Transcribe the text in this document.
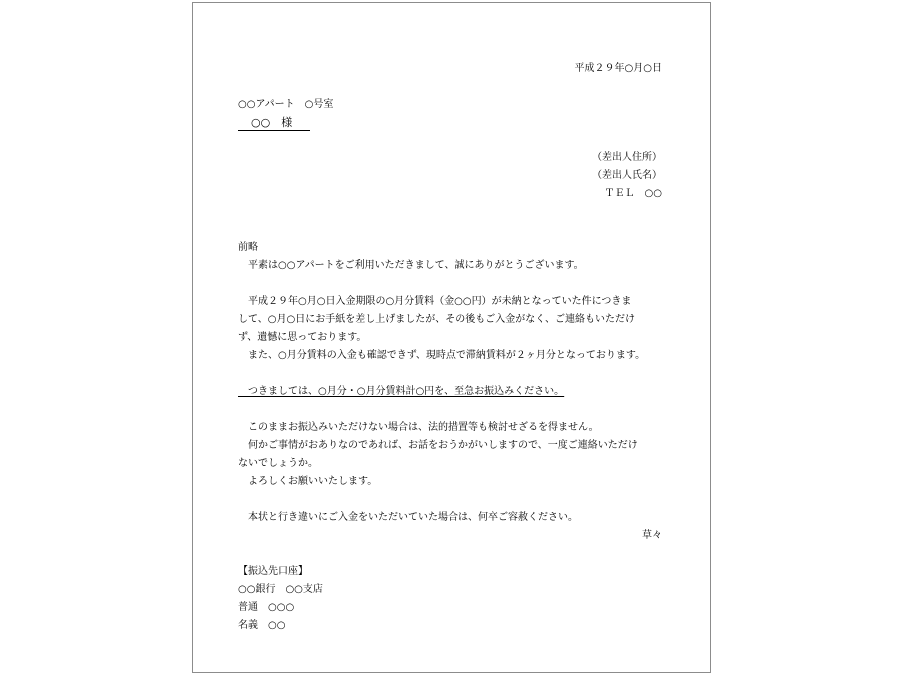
平成２９年○月○日
○○アパート　○号室
○○　様
（差出人住所）
（差出人氏名）
ＴＥＬ　○○
前略
　平素は○○アパートをご利用いただきまして、誠にありがとうございます。
　平成２９年○月○日入金期限の○月分賃料（金○○円）が未納となっていた件につきま
して、○月○日にお手紙を差し上げましたが、その後もご入金がなく、ご連絡もいただけ
ず、遺憾に思っております。
　また、○月分賃料の入金も確認できず、現時点で滞納賃料が２ヶ月分となっております。
　つきましては、○月分・○月分賃料計○円を、至急お振込みください。
　このままお振込みいただけない場合は、法的措置等も検討せざるを得ません。
　何かご事情がおありなのであれば、お話をおうかがいしますので、一度ご連絡いただけ
ないでしょうか。
　よろしくお願いいたします。
　本状と行き違いにご入金をいただいていた場合は、何卒ご容赦ください。
草々
【振込先口座】
○○銀行　○○支店
普通　○○○
名義　○○
